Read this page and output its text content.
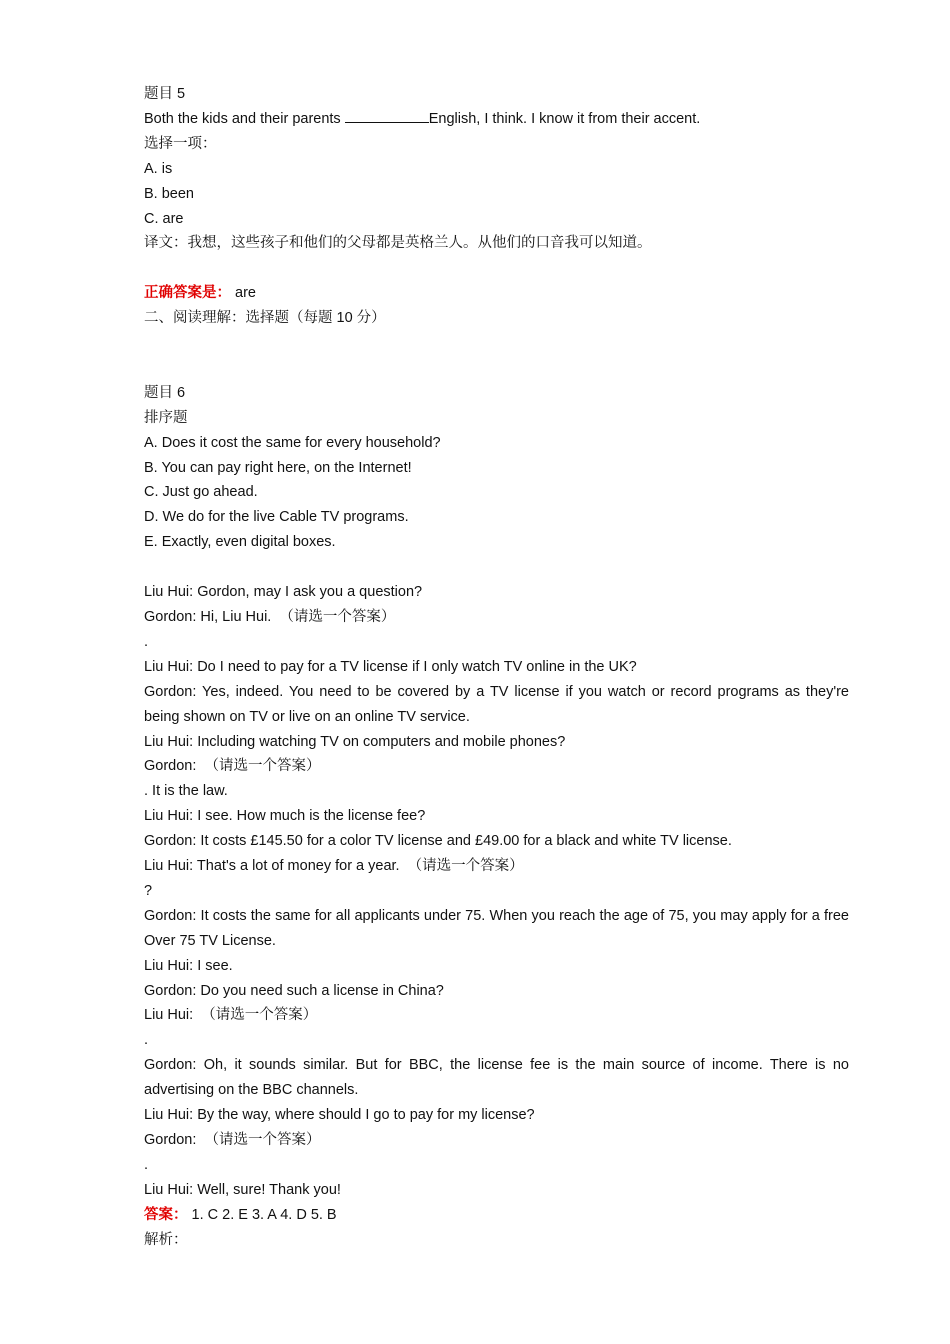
题目 5
Both the kids and their parents	English, I think. I know it from their accent.
选择一项：
A. is
B. been
C. are
译文：我想，这些孩子和他们的父母都是英格兰人。从他们的口音我可以知道。
正确答案是： are
二、阅读理解：选择题（每题 10 分）
题目 6
排序题
A. Does it cost the same for every household?
B. You can pay right here, on the Internet!
C. Just go ahead.
D. We do for the live Cable TV programs.
E. Exactly, even digital boxes.
Liu Hui: Gordon, may I ask you a question?
Gordon: Hi, Liu Hui.  （请选一个答案）
.
Liu Hui: Do I need to pay for a TV license if I only watch TV online in the UK?
Gordon: Yes, indeed. You need to be covered by a TV license if you watch or record programs as they're being shown on TV or live on an online TV service.
Liu Hui: Including watching TV on computers and mobile phones?
Gordon:  （请选一个答案）
. It is the law.
Liu Hui: I see. How much is the license fee?
Gordon: It costs £145.50 for a color TV license and £49.00 for a black and white TV license.
Liu Hui: That's a lot of money for a year.  （请选一个答案）
?
Gordon: It costs the same for all applicants under 75. When you reach the age of 75, you may apply for a free Over 75 TV License.
Liu Hui: I see.
Gordon: Do you need such a license in China?
Liu Hui:  （请选一个答案）
.
Gordon: Oh, it sounds similar. But for BBC, the license fee is the main source of income. There is no advertising on the BBC channels.
Liu Hui: By the way, where should I go to pay for my license?
Gordon:  （请选一个答案）
.
Liu Hui: Well, sure! Thank you!
答案： 1. C 2. E 3. A 4. D 5. B
解析：
